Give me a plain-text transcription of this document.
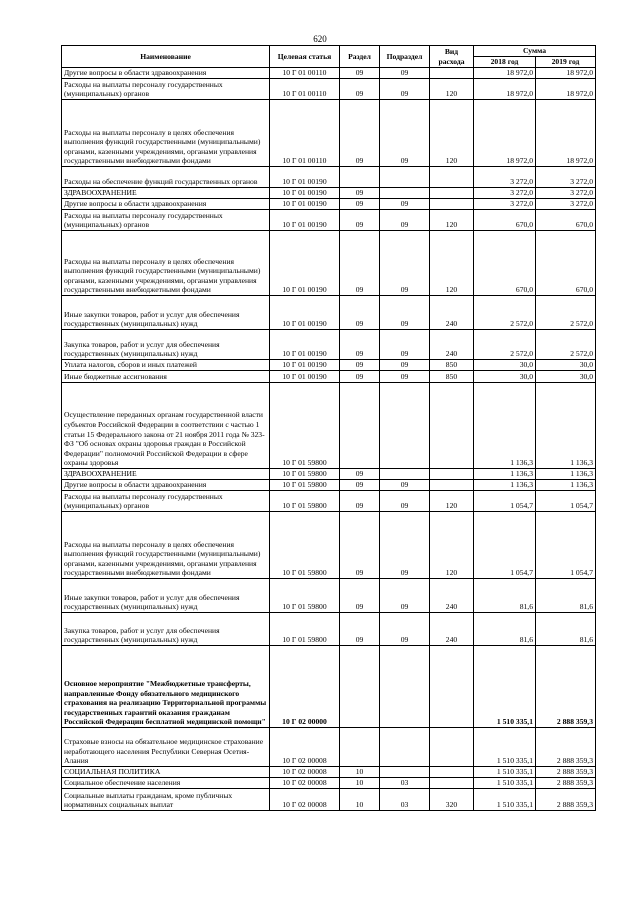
620
Наименование	Целевая статья	Раздел	Подраздел	Вид расхода	Сумма	
					2018 год	2019 год
Другие вопросы в области здравоохранения	10 Г 01 00110	09	09		18 972,0	18 972,0
Расходы на выплаты персоналу государственных (муниципальных) органов	10 Г 01 00110	09	09	120	18 972,0	18 972,0
Расходы на выплаты персоналу в целях обеспечения выполнения функций государственными (муниципальными) органами, казенными учреждениями, органами управления государственными внебюджетными фондами	10 Г 01 00110	09	09	120	18 972,0	18 972,0
Расходы на обеспечение функций государственных органов	10 Г 01 00190				3 272,0	3 272,0
ЗДРАВООХРАНЕНИЕ	10 Г 01 00190	09			3 272,0	3 272,0
Другие вопросы в области здравоохранения	10 Г 01 00190	09	09		3 272,0	3 272,0
Расходы на выплаты персоналу государственных (муниципальных) органов	10 Г 01 00190	09	09	120	670,0	670,0
Расходы на выплаты персоналу в целях обеспечения выполнения функций государственными (муниципальными) органами, казенными учреждениями, органами управления государственными внебюджетными фондами	10 Г 01 00190	09	09	120	670,0	670,0
Иные закупки товаров, работ и услуг для обеспечения государственных (муниципальных) нужд	10 Г 01 00190	09	09	240	2 572,0	2 572,0
Закупка товаров, работ и услуг для обеспечения государственных (муниципальных) нужд	10 Г 01 00190	09	09	240	2 572,0	2 572,0
Уплата налогов, сборов и иных платежей	10 Г 01 00190	09	09	850	30,0	30,0
Иные бюджетные ассигнования	10 Г 01 00190	09	09	850	30,0	30,0
Осуществление переданных органам государственной власти субъектов Российской Федерации в соответствии с частью 1 статьи 15 Федерального закона от 21 ноября 2011 года № 323-ФЗ "Об основах охраны здоровья граждан в Российской Федерации" полномочий Российской Федерации в сфере охраны здоровья	10 Г 01 59800				1 136,3	1 136,3
ЗДРАВООХРАНЕНИЕ	10 Г 01 59800	09			1 136,3	1 136,3
Другие вопросы в области здравоохранения	10 Г 01 59800	09	09		1 136,3	1 136,3
Расходы на выплаты персоналу государственных (муниципальных) органов	10 Г 01 59800	09	09	120	1 054,7	1 054,7
Расходы на выплаты персоналу в целях обеспечения выполнения функций государственными (муниципальными) органами, казенными учреждениями, органами управления государственными внебюджетными фондами	10 Г 01 59800	09	09	120	1 054,7	1 054,7
Иные закупки товаров, работ и услуг для обеспечения государственных (муниципальных) нужд	10 Г 01 59800	09	09	240	81,6	81,6
Закупка товаров, работ и услуг для обеспечения государственных (муниципальных) нужд	10 Г 01 59800	09	09	240	81,6	81,6
Основное мероприятие "Межбюджетные трансферты, направленные Фонду обязательного медицинского страхования на реализацию Территориальной программы государственных гарантий оказания гражданам Российской Федерации бесплатной медицинской помощи"	10 Г 02 00000				1 510 335,1	2 888 359,3
Страховые взносы на обязательное медицинское страхование неработающего населения Республики Северная Осетия-Алания	10 Г 02 00008				1 510 335,1	2 888 359,3
СОЦИАЛЬНАЯ ПОЛИТИКА	10 Г 02 00008	10			1 510 335,1	2 888 359,3
Социальное обеспечение населения	10 Г 02 00008	10	03		1 510 335,1	2 888 359,3
Социальные выплаты гражданам, кроме публичных нормативных социальных выплат	10 Г 02 00008	10	03	320	1 510 335,1	2 888 359,3
